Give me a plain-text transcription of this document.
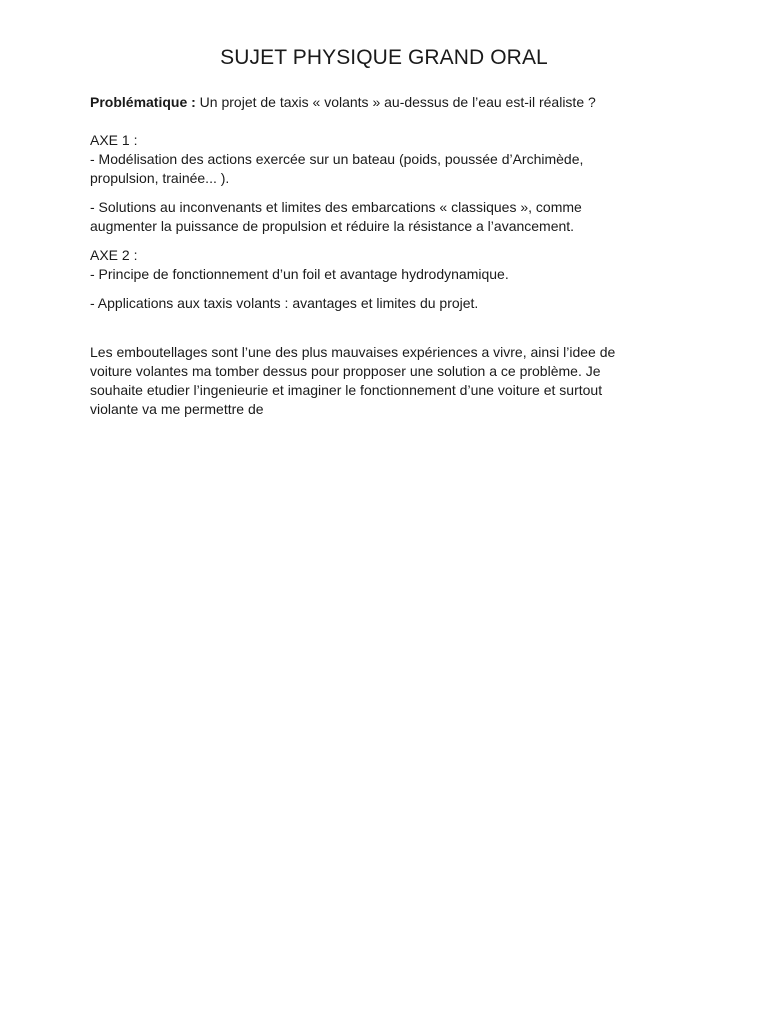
SUJET PHYSIQUE GRAND ORAL
Problématique : Un projet de taxis « volants » au-dessus de l’eau est-il réaliste ?
AXE 1 :
- Modélisation des actions exercée sur un bateau (poids, poussée d’Archimède,
propulsion, trainée... ).
- Solutions au inconvenants et limites des embarcations « classiques », comme
augmenter la puissance de propulsion et réduire la résistance a l’avancement.
AXE 2 :
- Principe de fonctionnement d’un foil et avantage hydrodynamique.
- Applications aux taxis volants : avantages et limites du projet.
Les emboutellages sont l’une des plus mauvaises expériences a vivre, ainsi l’idee de
voiture volantes ma tomber dessus pour propposer une solution a ce problème. Je
souhaite etudier l’ingenieurie et imaginer le fonctionnement d’une voiture et surtout
violante va me permettre de
